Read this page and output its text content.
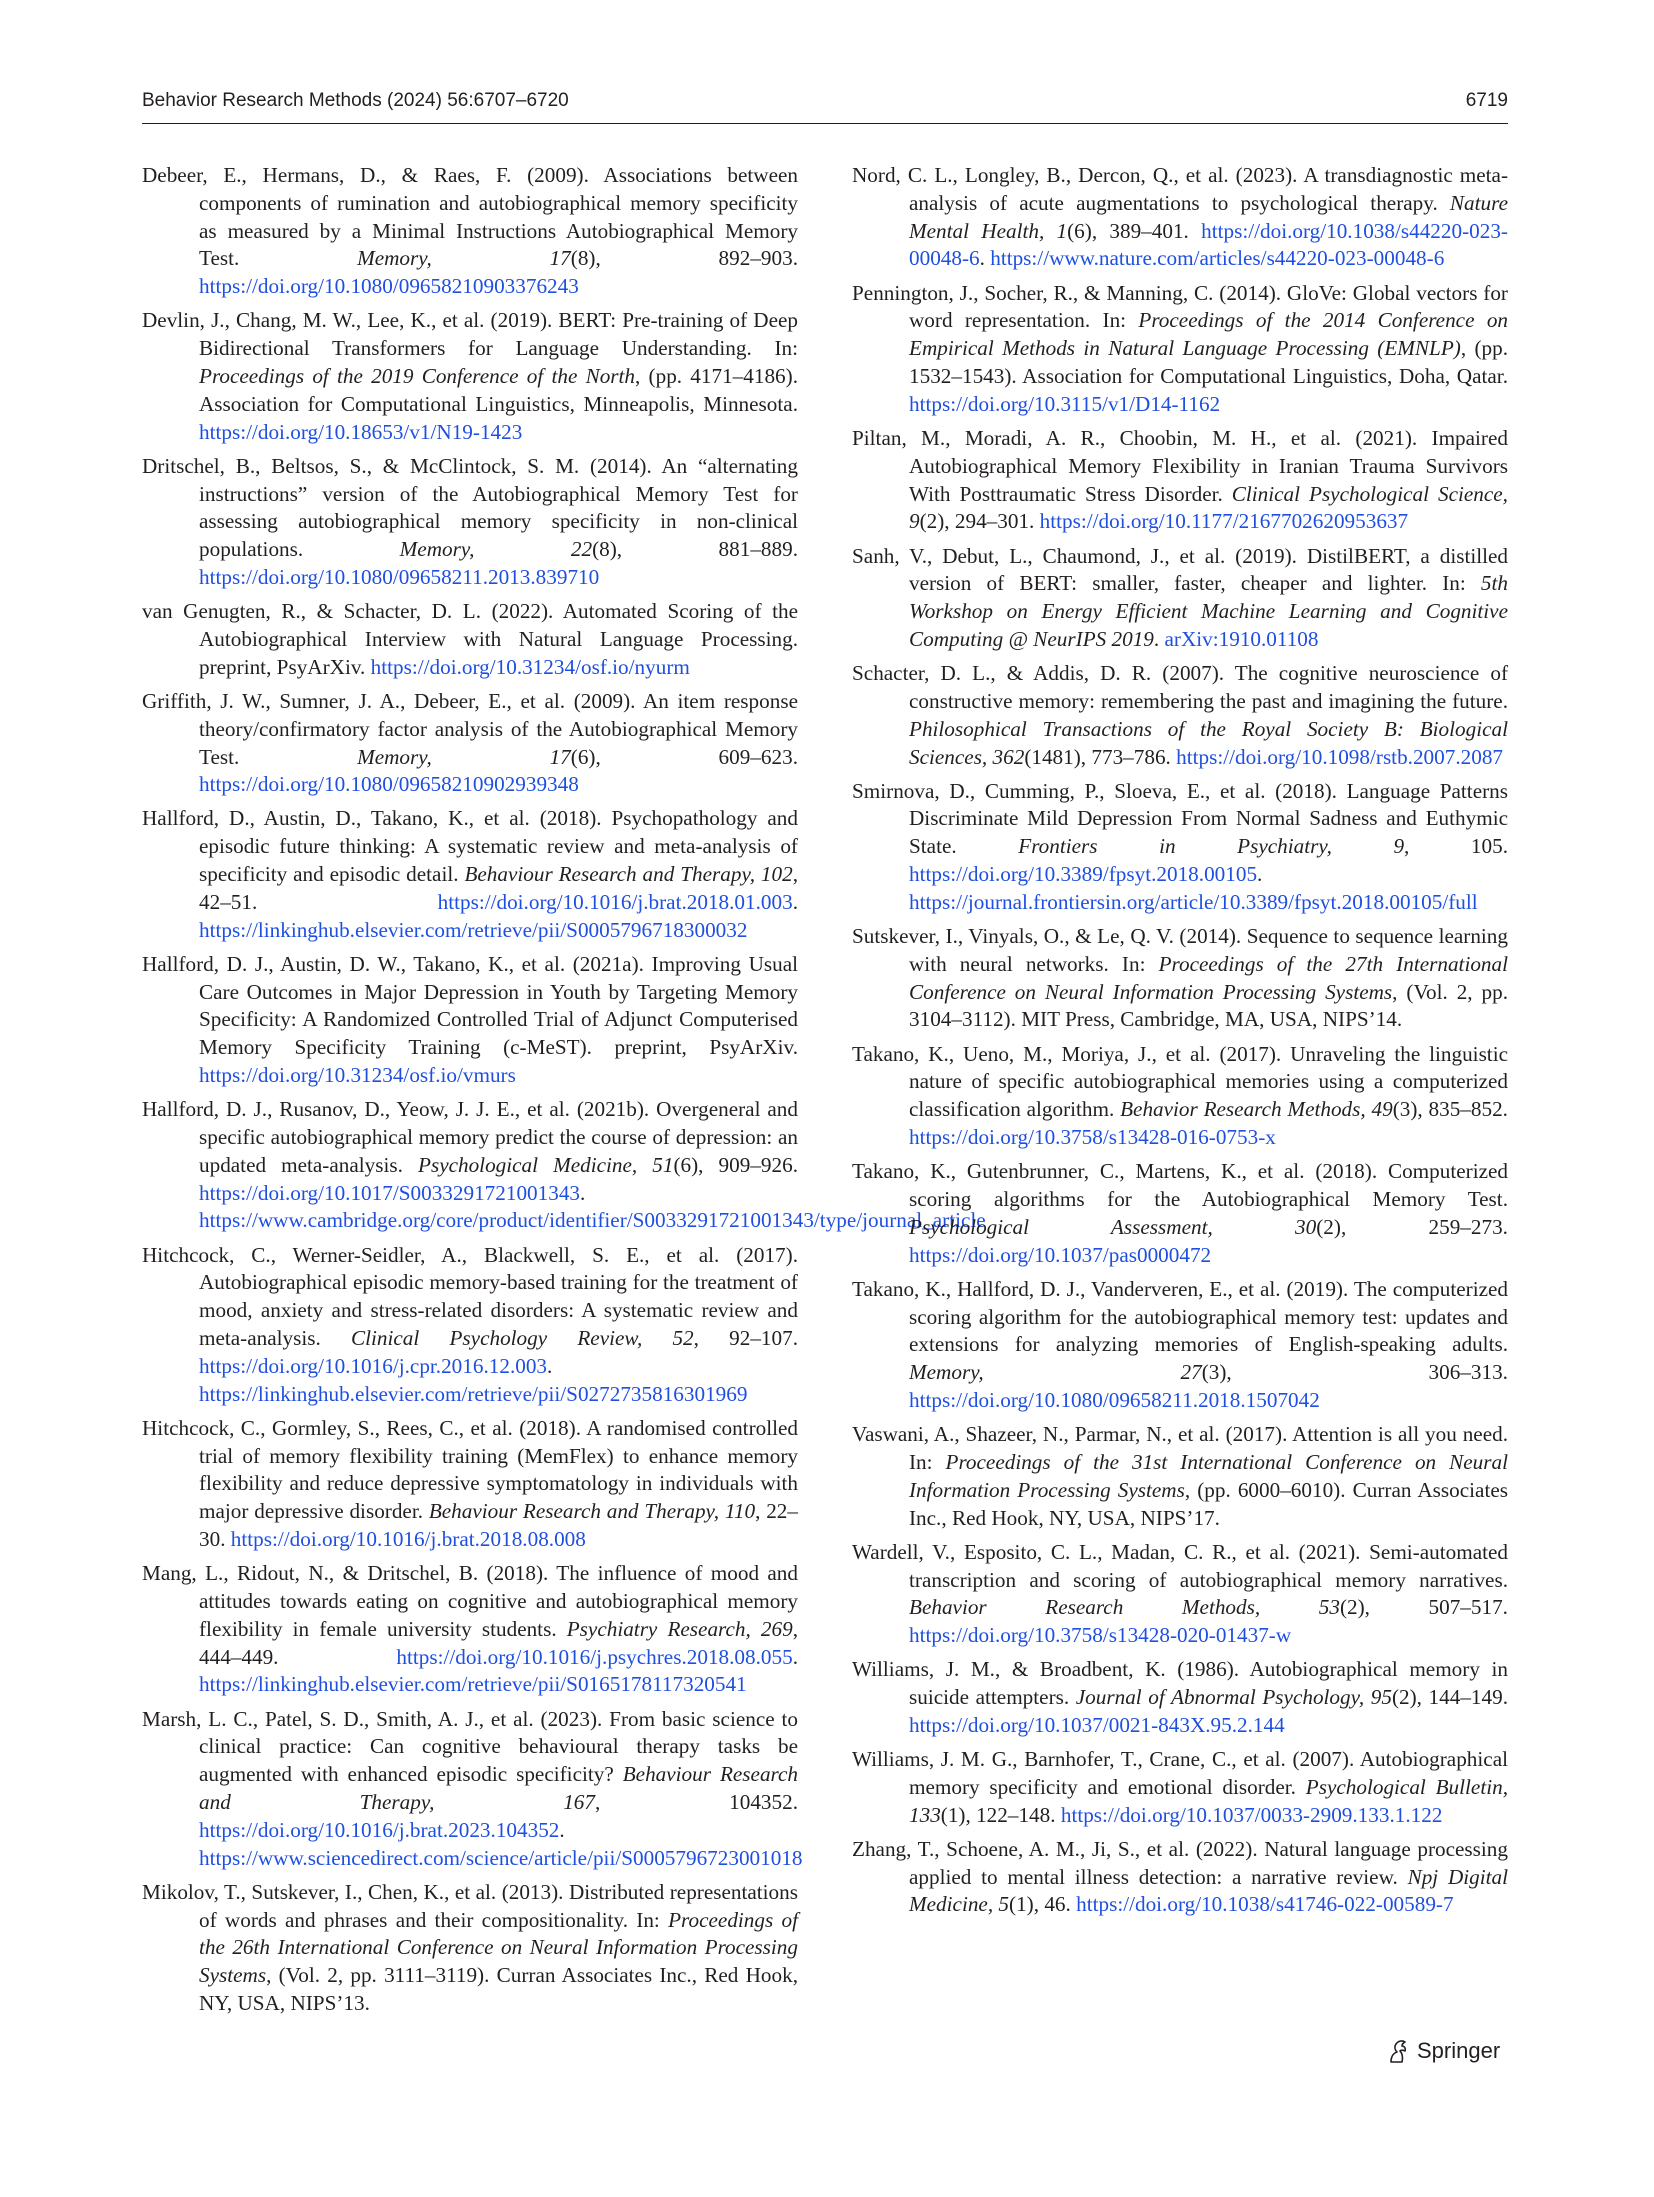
Behavior Research Methods (2024) 56:6707–6720	6719

Debeer, E., Hermans, D., & Raes, F. (2009). Associations between components of rumination and autobiographical memory specificity as measured by a Minimal Instructions Autobiographical Memory Test. Memory, 17(8), 892–903. https://doi.org/10.1080/09658210903376243

Devlin, J., Chang, M. W., Lee, K., et al. (2019). BERT: Pre-training of Deep Bidirectional Transformers for Language Understanding. In: Proceedings of the 2019 Conference of the North, (pp. 4171–4186). Association for Computational Linguistics, Minneapolis, Minnesota. https://doi.org/10.18653/v1/N19-1423

Dritschel, B., Beltsos, S., & McClintock, S. M. (2014). An “alternating instructions” version of the Autobiographical Memory Test for assessing autobiographical memory specificity in non-clinical populations. Memory, 22(8), 881–889. https://doi.org/10.1080/09658211.2013.839710

van Genugten, R., & Schacter, D. L. (2022). Automated Scoring of the Autobiographical Interview with Natural Language Processing. preprint, PsyArXiv. https://doi.org/10.31234/osf.io/nyurm

Griffith, J. W., Sumner, J. A., Debeer, E., et al. (2009). An item response theory/confirmatory factor analysis of the Autobiographical Memory Test. Memory, 17(6), 609–623. https://doi.org/10.1080/09658210902939348

Hallford, D., Austin, D., Takano, K., et al. (2018). Psychopathology and episodic future thinking: A systematic review and meta-analysis of specificity and episodic detail. Behaviour Research and Therapy, 102, 42–51. https://doi.org/10.1016/j.brat.2018.01.003. https://linkinghub.elsevier.com/retrieve/pii/S0005796718300032

Hallford, D. J., Austin, D. W., Takano, K., et al. (2021a). Improving Usual Care Outcomes in Major Depression in Youth by Targeting Memory Specificity: A Randomized Controlled Trial of Adjunct Computerised Memory Specificity Training (c-MeST). preprint, PsyArXiv. https://doi.org/10.31234/osf.io/vmurs

Hallford, D. J., Rusanov, D., Yeow, J. J. E., et al. (2021b). Overgeneral and specific autobiographical memory predict the course of depression: an updated meta-analysis. Psychological Medicine, 51(6), 909–926. https://doi.org/10.1017/S0033291721001343. https://www.cambridge.org/core/product/identifier/S0033291721001343/type/journal_article

Hitchcock, C., Werner-Seidler, A., Blackwell, S. E., et al. (2017). Autobiographical episodic memory-based training for the treatment of mood, anxiety and stress-related disorders: A systematic review and meta-analysis. Clinical Psychology Review, 52, 92–107. https://doi.org/10.1016/j.cpr.2016.12.003. https://linkinghub.elsevier.com/retrieve/pii/S0272735816301969

Hitchcock, C., Gormley, S., Rees, C., et al. (2018). A randomised controlled trial of memory flexibility training (MemFlex) to enhance memory flexibility and reduce depressive symptomatology in individuals with major depressive disorder. Behaviour Research and Therapy, 110, 22–30. https://doi.org/10.1016/j.brat.2018.08.008

Mang, L., Ridout, N., & Dritschel, B. (2018). The influence of mood and attitudes towards eating on cognitive and autobiographical memory flexibility in female university students. Psychiatry Research, 269, 444–449. https://doi.org/10.1016/j.psychres.2018.08.055. https://linkinghub.elsevier.com/retrieve/pii/S0165178117320541

Marsh, L. C., Patel, S. D., Smith, A. J., et al. (2023). From basic science to clinical practice: Can cognitive behavioural therapy tasks be augmented with enhanced episodic specificity? Behaviour Research and Therapy, 167, 104352. https://doi.org/10.1016/j.brat.2023.104352. https://www.sciencedirect.com/science/article/pii/S0005796723001018

Mikolov, T., Sutskever, I., Chen, K., et al. (2013). Distributed representations of words and phrases and their compositionality. In: Proceedings of the 26th International Conference on Neural Information Processing Systems, (Vol. 2, pp. 3111–3119). Curran Associates Inc., Red Hook, NY, USA, NIPS’13.

Nord, C. L., Longley, B., Dercon, Q., et al. (2023). A transdiagnostic meta-analysis of acute augmentations to psychological therapy. Nature Mental Health, 1(6), 389–401. https://doi.org/10.1038/s44220-023-00048-6. https://www.nature.com/articles/s44220-023-00048-6

Pennington, J., Socher, R., & Manning, C. (2014). GloVe: Global vectors for word representation. In: Proceedings of the 2014 Conference on Empirical Methods in Natural Language Processing (EMNLP), (pp. 1532–1543). Association for Computational Linguistics, Doha, Qatar. https://doi.org/10.3115/v1/D14-1162

Piltan, M., Moradi, A. R., Choobin, M. H., et al. (2021). Impaired Autobiographical Memory Flexibility in Iranian Trauma Survivors With Posttraumatic Stress Disorder. Clinical Psychological Science, 9(2), 294–301. https://doi.org/10.1177/2167702620953637

Sanh, V., Debut, L., Chaumond, J., et al. (2019). DistilBERT, a distilled version of BERT: smaller, faster, cheaper and lighter. In: 5th Workshop on Energy Efficient Machine Learning and Cognitive Computing @ NeurIPS 2019. arXiv:1910.01108

Schacter, D. L., & Addis, D. R. (2007). The cognitive neuroscience of constructive memory: remembering the past and imagining the future. Philosophical Transactions of the Royal Society B: Biological Sciences, 362(1481), 773–786. https://doi.org/10.1098/rstb.2007.2087

Smirnova, D., Cumming, P., Sloeva, E., et al. (2018). Language Patterns Discriminate Mild Depression From Normal Sadness and Euthymic State. Frontiers in Psychiatry, 9, 105. https://doi.org/10.3389/fpsyt.2018.00105. https://journal.frontiersin.org/article/10.3389/fpsyt.2018.00105/full

Sutskever, I., Vinyals, O., & Le, Q. V. (2014). Sequence to sequence learning with neural networks. In: Proceedings of the 27th International Conference on Neural Information Processing Systems, (Vol. 2, pp. 3104–3112). MIT Press, Cambridge, MA, USA, NIPS’14.

Takano, K., Ueno, M., Moriya, J., et al. (2017). Unraveling the linguistic nature of specific autobiographical memories using a computerized classification algorithm. Behavior Research Methods, 49(3), 835–852. https://doi.org/10.3758/s13428-016-0753-x

Takano, K., Gutenbrunner, C., Martens, K., et al. (2018). Computerized scoring algorithms for the Autobiographical Memory Test. Psychological Assessment, 30(2), 259–273. https://doi.org/10.1037/pas0000472

Takano, K., Hallford, D. J., Vanderveren, E., et al. (2019). The computerized scoring algorithm for the autobiographical memory test: updates and extensions for analyzing memories of English-speaking adults. Memory, 27(3), 306–313. https://doi.org/10.1080/09658211.2018.1507042

Vaswani, A., Shazeer, N., Parmar, N., et al. (2017). Attention is all you need. In: Proceedings of the 31st International Conference on Neural Information Processing Systems, (pp. 6000–6010). Curran Associates Inc., Red Hook, NY, USA, NIPS’17.

Wardell, V., Esposito, C. L., Madan, C. R., et al. (2021). Semi-automated transcription and scoring of autobiographical memory narratives. Behavior Research Methods, 53(2), 507–517. https://doi.org/10.3758/s13428-020-01437-w

Williams, J. M., & Broadbent, K. (1986). Autobiographical memory in suicide attempters. Journal of Abnormal Psychology, 95(2), 144–149. https://doi.org/10.1037/0021-843X.95.2.144

Williams, J. M. G., Barnhofer, T., Crane, C., et al. (2007). Autobiographical memory specificity and emotional disorder. Psychological Bulletin, 133(1), 122–148. https://doi.org/10.1037/0033-2909.133.1.122

Zhang, T., Schoene, A. M., Ji, S., et al. (2022). Natural language processing applied to mental illness detection: a narrative review. Npj Digital Medicine, 5(1), 46. https://doi.org/10.1038/s41746-022-00589-7

Springer
